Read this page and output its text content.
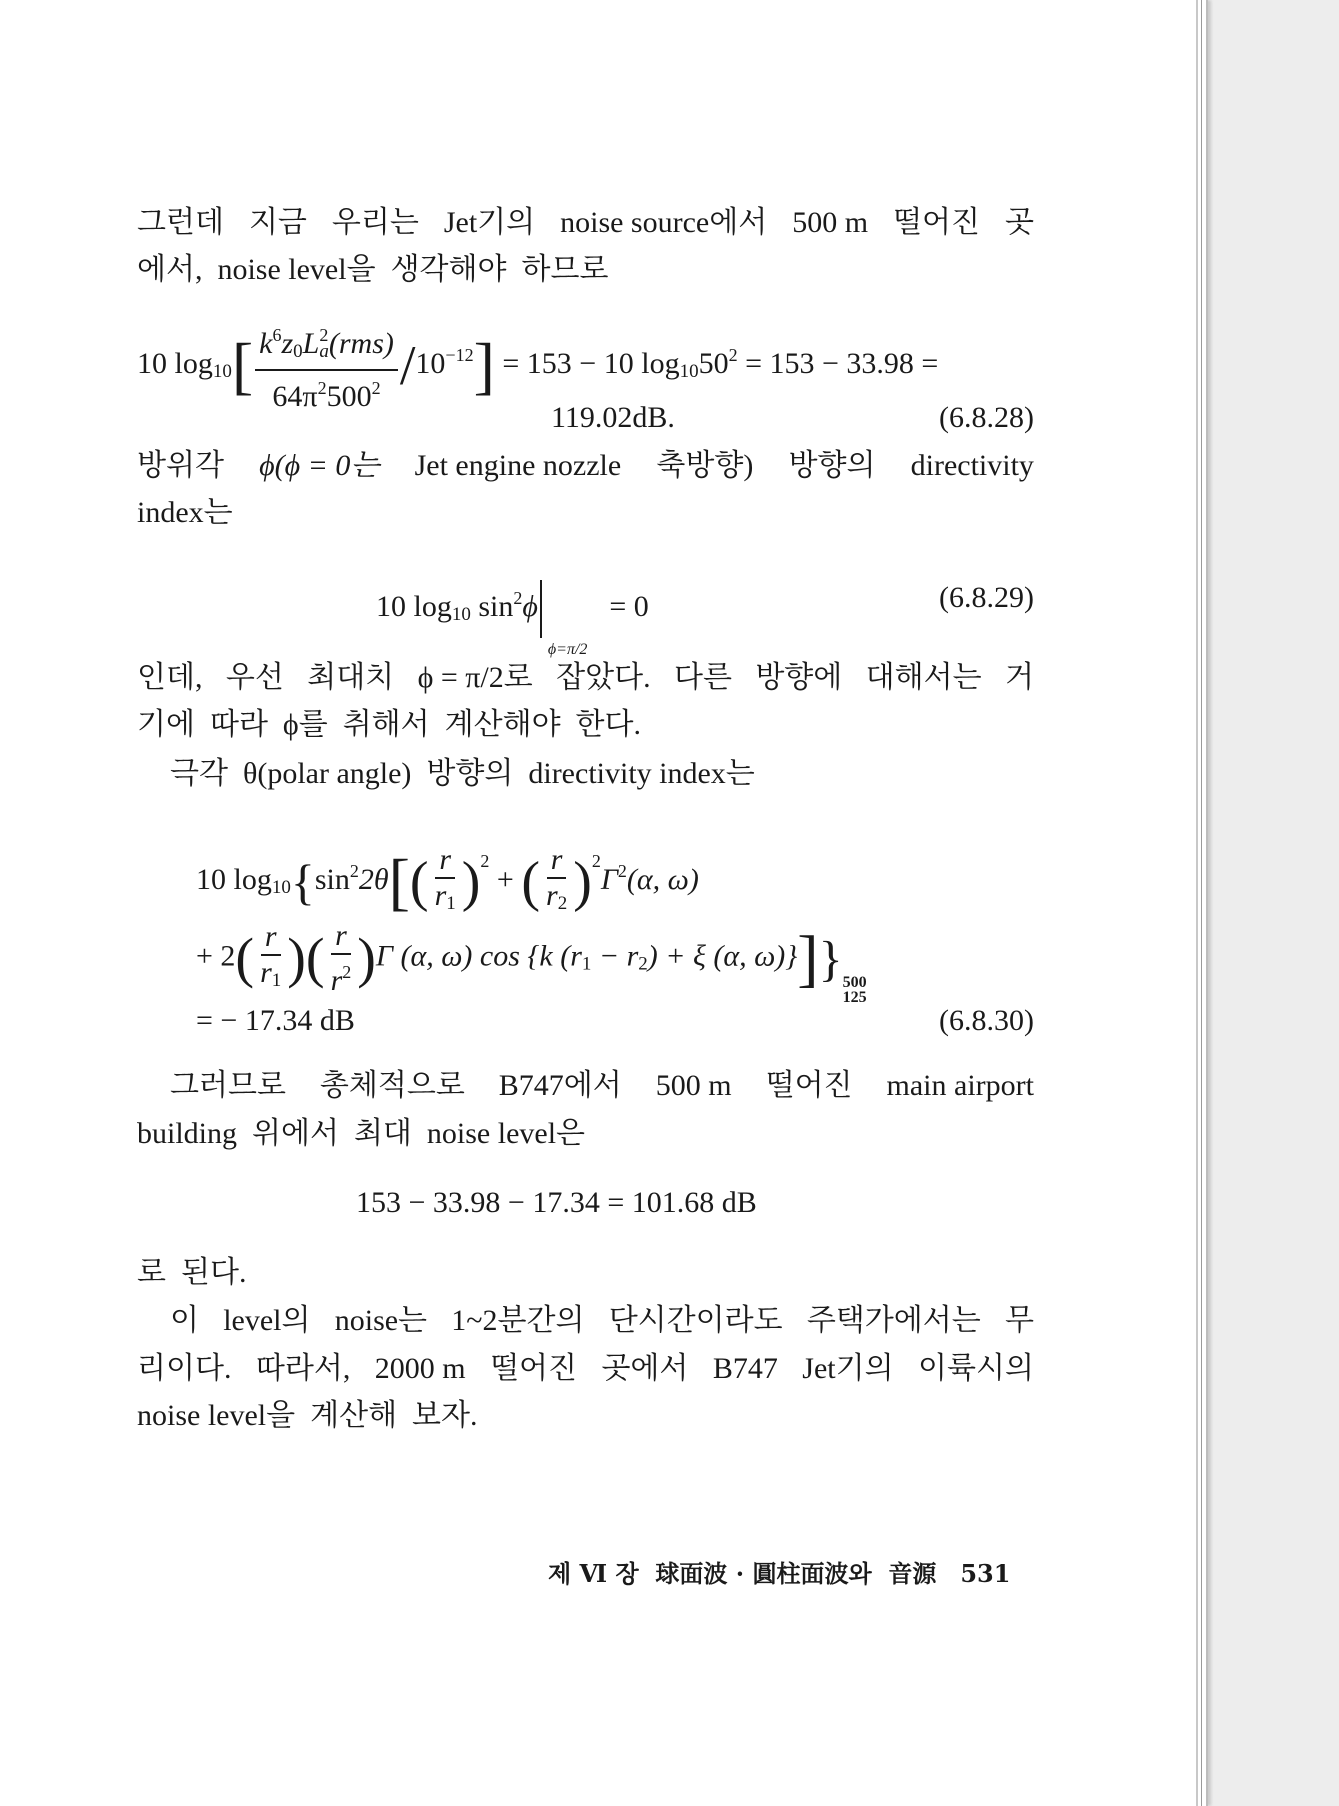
그런데 지금 우리는 Jet기의 noise source에서 500 m 떨어진 곳
에서,  noise level을  생각해야  하므로
10 $\log_{10}[ \frac{k^6z_0L^2_a(rms)}{64\pi^2500^2} /10^{-12}] = 153 - 10$ $\log_{10}50^2 = 153 - 33.98$ =
119.02dB.	(6.8.28)
방위각 ϕ(ϕ = 0는 Jet engine nozzle 축방향) 방향의 directivity
index는
10 $\log_{10} \sin^2\phi$
ϕ=π/2
= 0	(6.8.29)
인데, 우선 최대치 ϕ = π/2로 잡았다. 다른 방향에 대해서는 거
기에  따라  ϕ를  취해서  계산해야  한다.
극각  θ(polar angle)  방향의  directivity index는
10 $\log_{10}\{\sin^22\theta[( \frac{r}{r_1} )^2$ + ( $\frac{r}{r_2} )^2\Gamma^2(\alpha$, ω)
+ $2( \frac{r}{r_1}$ )( $\frac{r}{r^2} )\Gamma$ (α, ω) cos {k $(r_1 - r_2) + \xi$ (α, ω)}]} 500
125
= − 17.34 dB	(6.8.30)
그러므로 총체적으로 B747에서 500 m 떨어진 main airport
building  위에서  최대  noise level은
153 − 33.98 − 17.34 = 101.68 dB
로  된다.
이 level의 noise는 1~2분간의 단시간이라도 주택가에서는 무
리이다. 따라서, 2000 m 떨어진 곳에서 B747 Jet기의 이륙시의
noise level을  계산해  보자.
제 Ⅵ 장  球面波 · 圓柱面波와  音源 531
